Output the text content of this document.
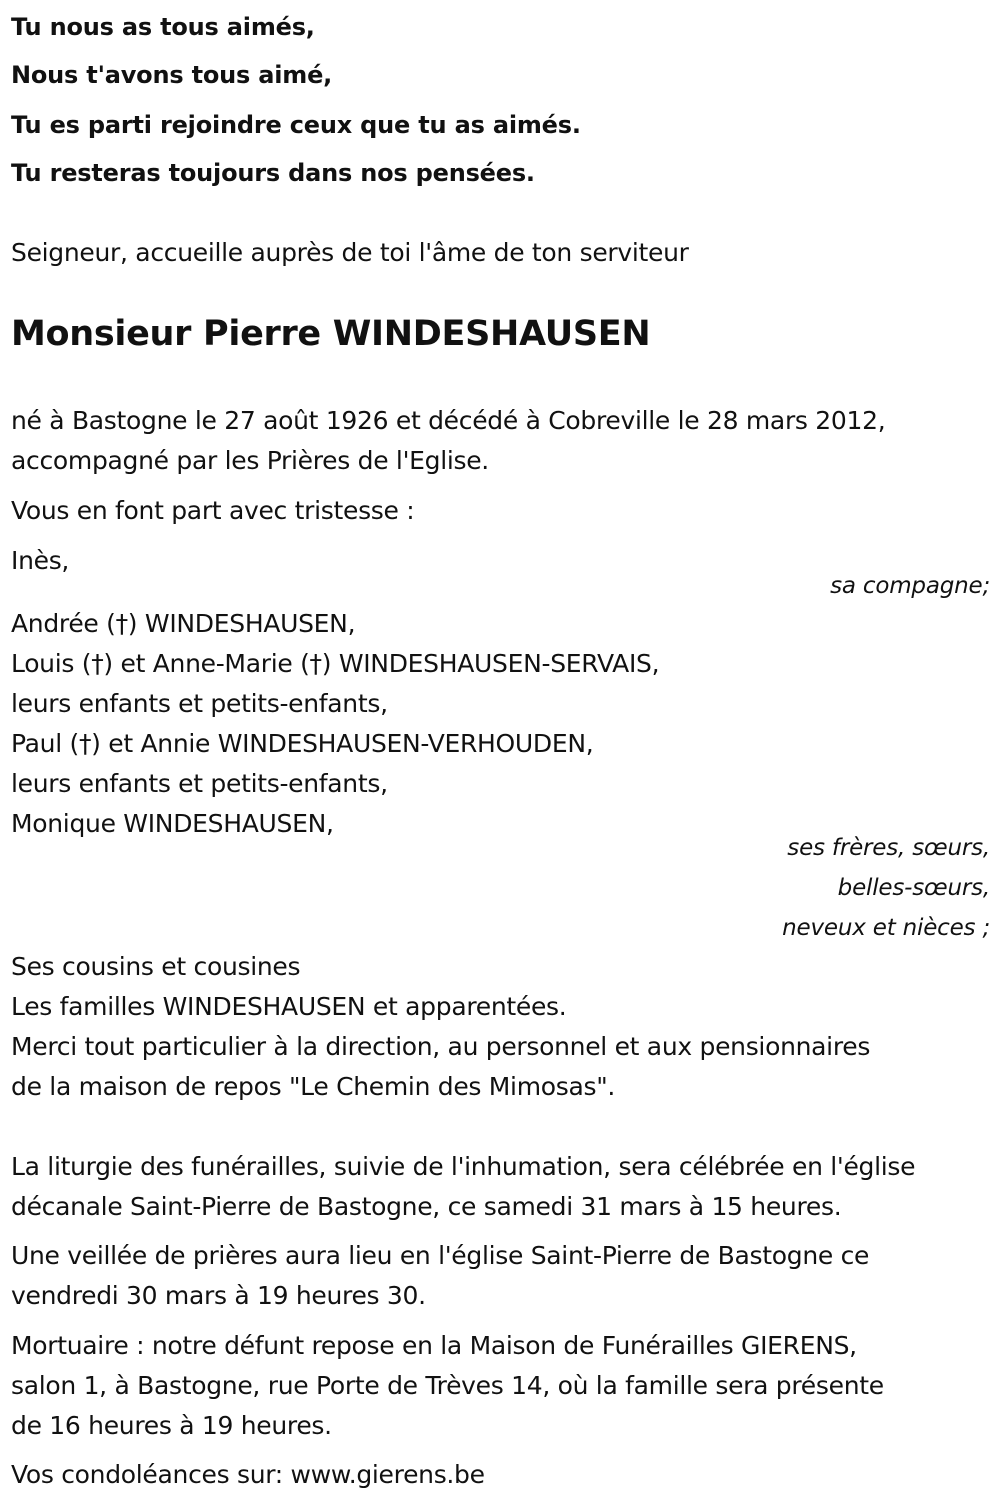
Tu nous as tous aimés,
Nous t'avons tous aimé,
Tu es parti rejoindre ceux que tu as aimés.
Tu resteras toujours dans nos pensées.
Seigneur, accueille auprès de toi l'âme de ton serviteur
Monsieur Pierre WINDESHAUSEN
né à Bastogne le 27 août 1926 et décédé à Cobreville le 28 mars 2012,
accompagné par les Prières de l'Eglise.
Vous en font part avec tristesse :
Inès,
sa compagne;
Andrée (†) WINDESHAUSEN,
Louis (†) et Anne-Marie (†) WINDESHAUSEN-SERVAIS,
leurs enfants et petits-enfants,
Paul (†) et Annie WINDESHAUSEN-VERHOUDEN,
leurs enfants et petits-enfants,
Monique WINDESHAUSEN,
ses frères, sœurs,
belles-sœurs,
neveux et nièces ;
Ses cousins et cousines
Les familles WINDESHAUSEN et apparentées.
Merci tout particulier à la direction, au personnel et aux pensionnaires
de la maison de repos "Le Chemin des Mimosas".
La liturgie des funérailles, suivie de l'inhumation, sera célébrée en l'église
décanale Saint-Pierre de Bastogne, ce samedi 31 mars à 15 heures.
Une veillée de prières aura lieu en l'église Saint-Pierre de Bastogne ce
vendredi 30 mars à 19 heures 30.
Mortuaire : notre défunt repose en la Maison de Funérailles GIERENS,
salon 1, à Bastogne, rue Porte de Trèves 14, où la famille sera présente
de 16 heures à 19 heures.
Vos condoléances sur: www.gierens.be
